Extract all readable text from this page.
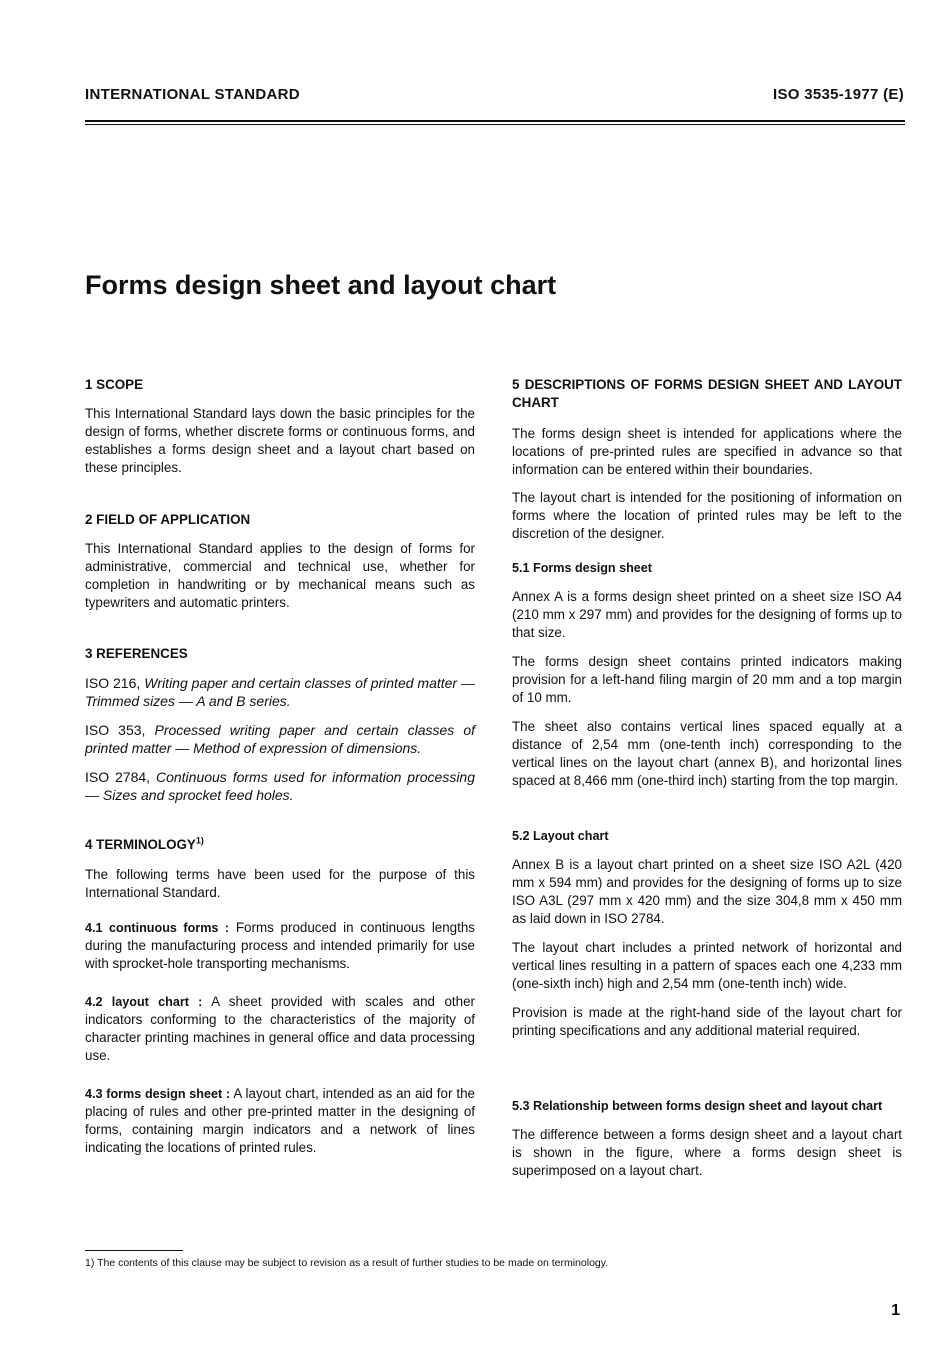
INTERNATIONAL STANDARD	ISO 3535-1977 (E)
Forms design sheet and layout chart
1 SCOPE

This International Standard lays down the basic principles for the design of forms, whether discrete forms or continuous forms, and establishes a forms design sheet and a layout chart based on these principles.

2 FIELD OF APPLICATION

This International Standard applies to the design of forms for administrative, commercial and technical use, whether for completion in handwriting or by mechanical means such as typewriters and automatic printers.

3 REFERENCES

ISO 216, Writing paper and certain classes of printed matter — Trimmed sizes — A and B series.

ISO 353, Processed writing paper and certain classes of printed matter — Method of expression of dimensions.

ISO 2784, Continuous forms used for information processing — Sizes and sprocket feed holes.

4 TERMINOLOGY$^{1)}$

The following terms have been used for the purpose of this International Standard.

4.1 continuous forms : Forms produced in continuous lengths during the manufacturing process and intended primarily for use with sprocket-hole transporting mechanisms.

4.2 layout chart : A sheet provided with scales and other indicators conforming to the characteristics of the majority of character printing machines in general office and data processing use.

4.3 forms design sheet : A layout chart, intended as an aid for the placing of rules and other pre-printed matter in the designing of forms, containing margin indicators and a network of lines indicating the locations of printed rules.

5 DESCRIPTIONS OF FORMS DESIGN SHEET AND LAYOUT CHART

The forms design sheet is intended for applications where the locations of pre-printed rules are specified in advance so that information can be entered within their boundaries.

The layout chart is intended for the positioning of information on forms where the location of printed rules may be left to the discretion of the designer.

5.1 Forms design sheet

Annex A is a forms design sheet printed on a sheet size ISO A4 (210 mm x 297 mm) and provides for the designing of forms up to that size.

The forms design sheet contains printed indicators making provision for a left-hand filing margin of 20 mm and a top margin of 10 mm.

The sheet also contains vertical lines spaced equally at a distance of 2,54 mm (one-tenth inch) corresponding to the vertical lines on the layout chart (annex B), and horizontal lines spaced at 8,466 mm (one-third inch) starting from the top margin.

5.2 Layout chart

Annex B is a layout chart printed on a sheet size ISO A2L (420 mm x 594 mm) and provides for the designing of forms up to size ISO A3L (297 mm x 420 mm) and the size 304,8 mm x 450 mm as laid down in ISO 2784.

The layout chart includes a printed network of horizontal and vertical lines resulting in a pattern of spaces each one 4,233 mm (one-sixth inch) high and 2,54 mm (one-tenth inch) wide.

Provision is made at the right-hand side of the layout chart for printing specifications and any additional material required.

5.3 Relationship between forms design sheet and layout chart

The difference between a forms design sheet and a layout chart is shown in the figure, where a forms design sheet is superimposed on a layout chart.

1) The contents of this clause may be subject to revision as a result of further studies to be made on terminology.
1
